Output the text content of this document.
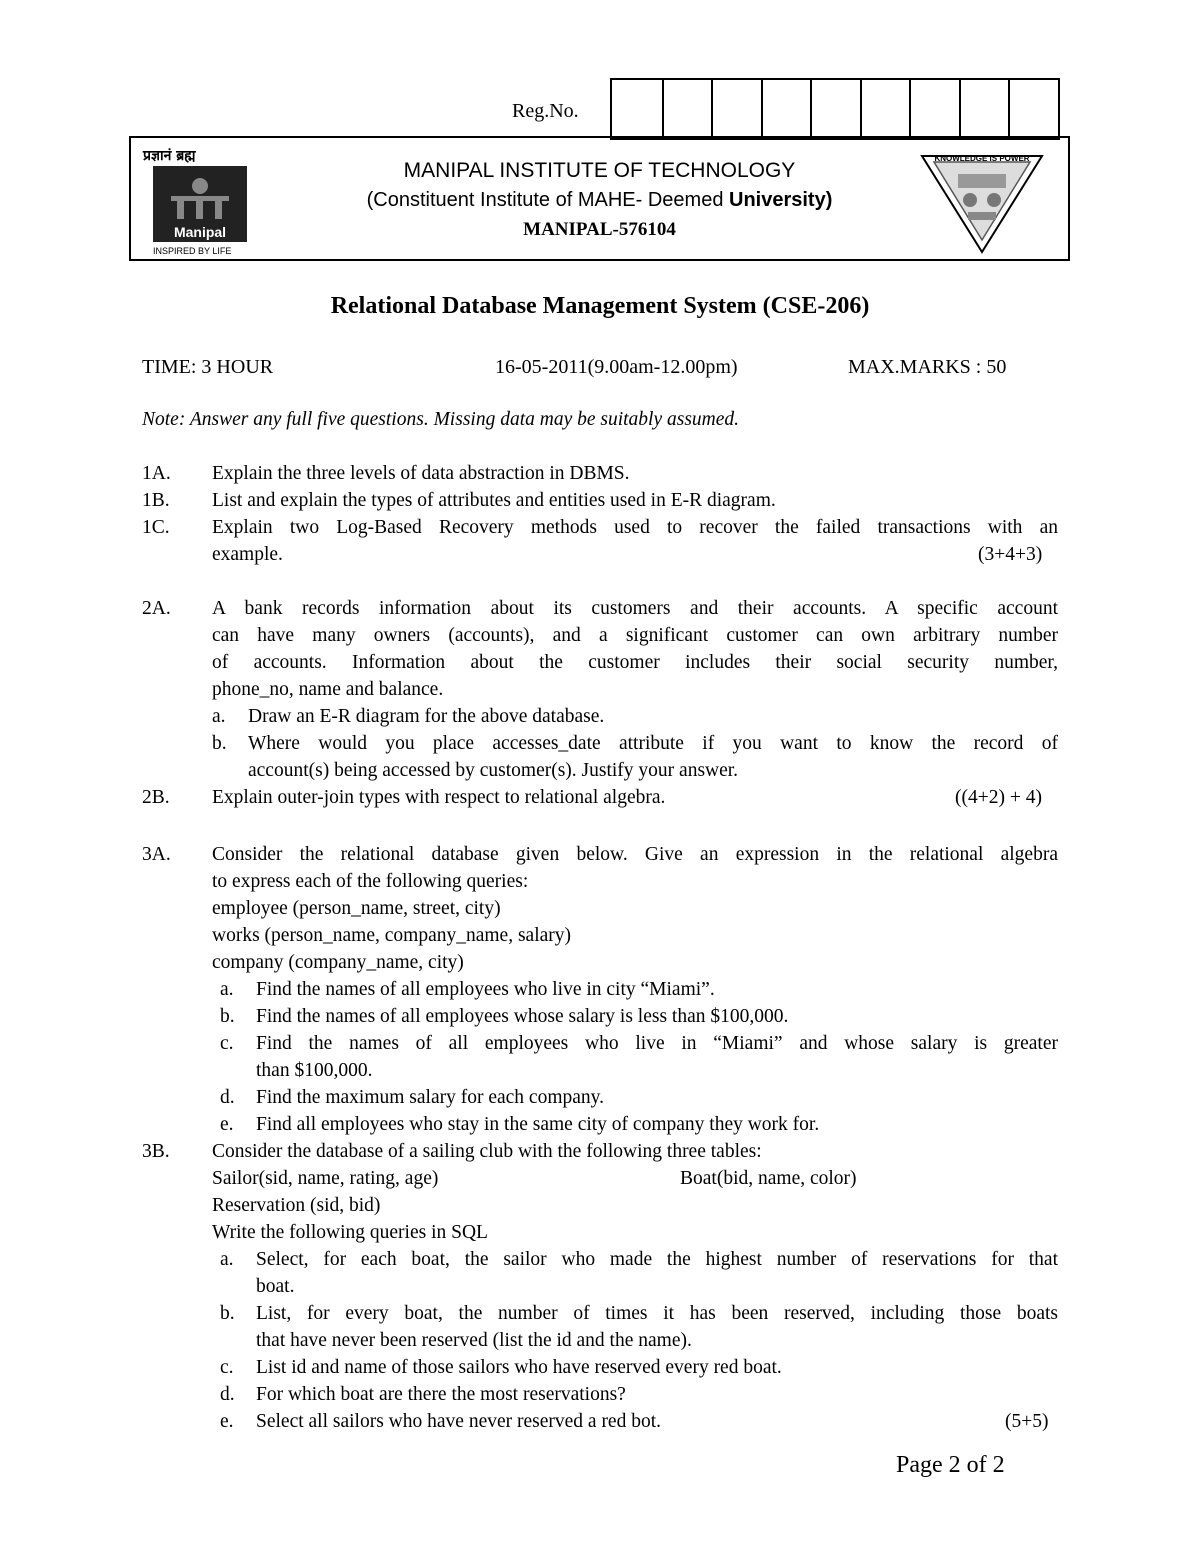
Reg.No.
प्रज्ञानं ब्रह्म
Manipal
INSPIRED BY LIFE
MANIPAL INSTITUTE OF TECHNOLOGY
(Constituent Institute of MAHE- Deemed University)
MANIPAL-576104
KNOWLEDGE IS POWER
Relational Database Management System (CSE-206)
TIME: 3 HOUR	16-05-2011(9.00am-12.00pm)	MAX.MARKS : 50
Note: Answer any full five questions. Missing data may be suitably assumed.
1A. Explain the three levels of data abstraction in DBMS.
1B. List and explain the types of attributes and entities used in E-R diagram.
1C. Explain two Log-Based Recovery methods used to recover the failed transactions with an
example.	(3+4+3)
2A. A bank records information about its customers and their accounts. A specific account
can have many owners (accounts), and a significant customer can own arbitrary number
of accounts. Information about the customer includes their social security number,
phone_no, name and balance.
a.	Draw an E-R diagram for the above database.
b.	Where would you place accesses_date attribute if you want to know the record of
account(s) being accessed by customer(s). Justify your answer.
2B. Explain outer-join types with respect to relational algebra.	((4+2) + 4)
3A. Consider the relational database given below. Give an expression in the relational algebra
to express each of the following queries:
employee (person_name, street, city)
works (person_name, company_name, salary)
company (company_name, city)
a.	Find the names of all employees who live in city “Miami”.
b.	Find the names of all employees whose salary is less than $100,000.
c.	Find the names of all employees who live in “Miami” and whose salary is greater
than $100,000.
d.	Find the maximum salary for each company.
e.	Find all employees who stay in the same city of company they work for.
3B. Consider the database of a sailing club with the following three tables:
Sailor(sid, name, rating, age)	Boat(bid, name, color)
Reservation (sid, bid)
Write the following queries in SQL
a.	Select, for each boat, the sailor who made the highest number of reservations for that
boat.
b.	List, for every boat, the number of times it has been reserved, including those boats
that have never been reserved (list the id and the name).
c.	List id and name of those sailors who have reserved every red boat.
d.	For which boat are there the most reservations?
e.	Select all sailors who have never reserved a red bot.	(5+5)
Page 2 of 2
